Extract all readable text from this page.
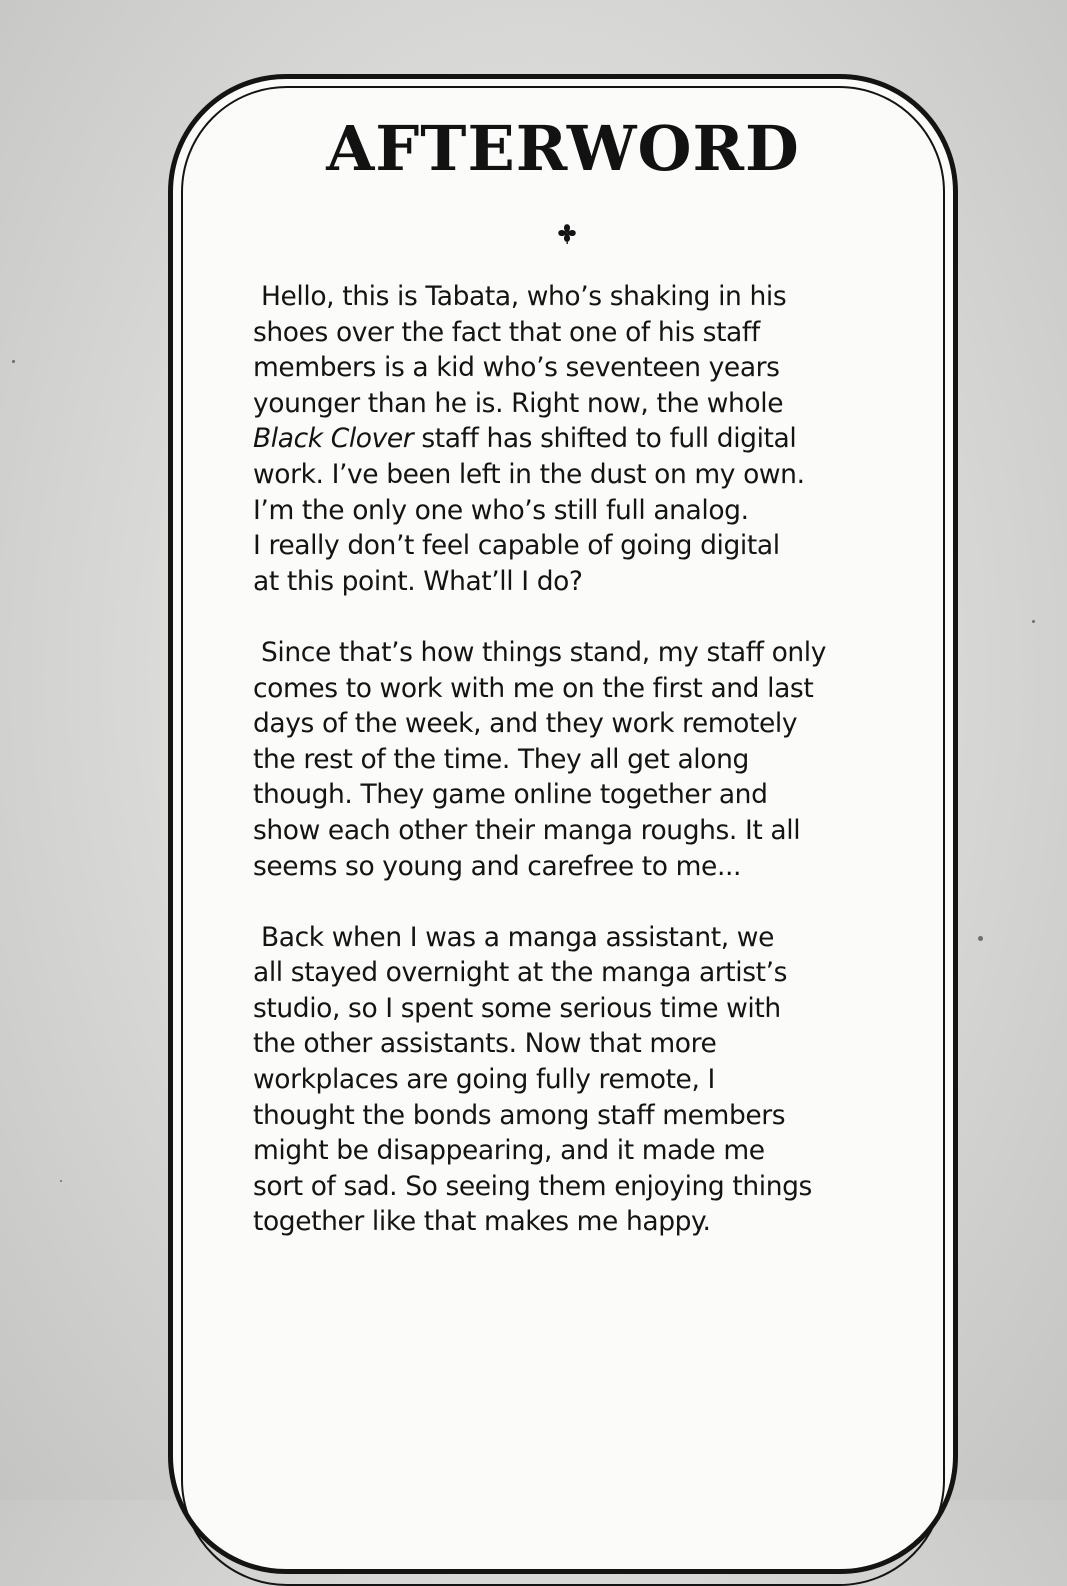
AFTERWORD
Hello, this is Tabata, who’s shaking in his
shoes over the fact that one of his staff
members is a kid who’s seventeen years
younger than he is. Right now, the whole
Black Clover staff has shifted to full digital
work. I’ve been left in the dust on my own.
I’m the only one who’s still full analog.
I really don’t feel capable of going digital
at this point. What’ll I do?
Since that’s how things stand, my staff only
comes to work with me on the first and last
days of the week, and they work remotely
the rest of the time. They all get along
though. They game online together and
show each other their manga roughs. It all
seems so young and carefree to me...
Back when I was a manga assistant, we
all stayed overnight at the manga artist’s
studio, so I spent some serious time with
the other assistants. Now that more
workplaces are going fully remote, I
thought the bonds among staff members
might be disappearing, and it made me
sort of sad. So seeing them enjoying things
together like that makes me happy.
